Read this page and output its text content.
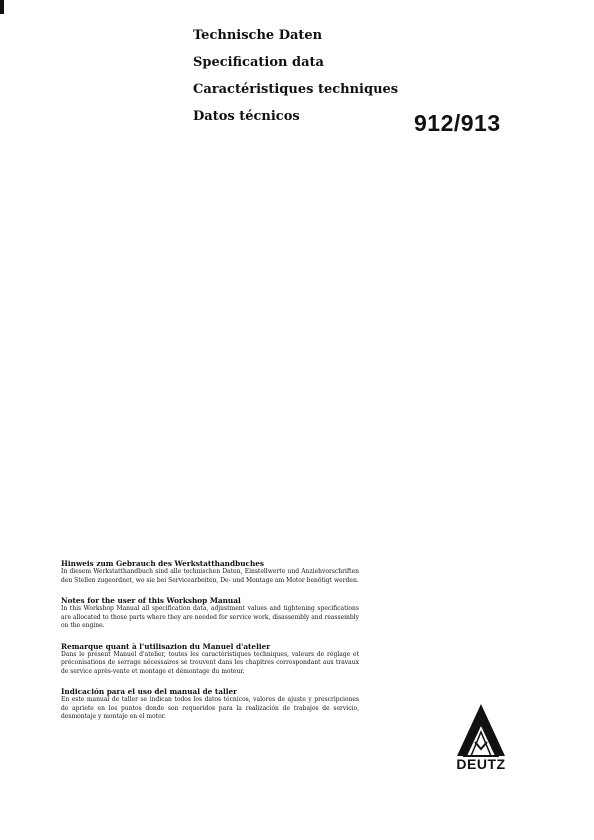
Technische Daten
Specification data
Caractéristiques techniques
Datos técnicos	912/913
Hinweis zum Gebrauch des Werkstatthandbuches
In diesem Werkstatthandbuch sind alle technischen Daten, Einstellwerte und Anziehvorschriften den Stellen zugeordnet, wo sie bei Servicearbeiten, De- und Montage am Motor benötigt werden.
Notes for the user of this Workshop Manual
In this Workshop Manual all specification data, adjustment values and tightening specifications are allocated to those parts where they are needed for service work, disassembly and reassembly on the engine.
Remarque quant à l'utilisazion du Manuel d'atelier
Dans le présent Manuel d'atelier, toutes les caractéristiques techniques, valeurs de réglage et préconisations de serrage nécessaires se trouvent dans les chapitres correspondant aux travaux de service après-vente et montage et démontage du moteur.
Indicación para el uso del manual de taller
En este manual de taller se indican todos los datos técnicos, valores de ajuste y prescripciones de apriete en los puntos donde son requeridos para la realización de trabajos de servicio, desmontaje y montaje en el motor.
DEUTZ
